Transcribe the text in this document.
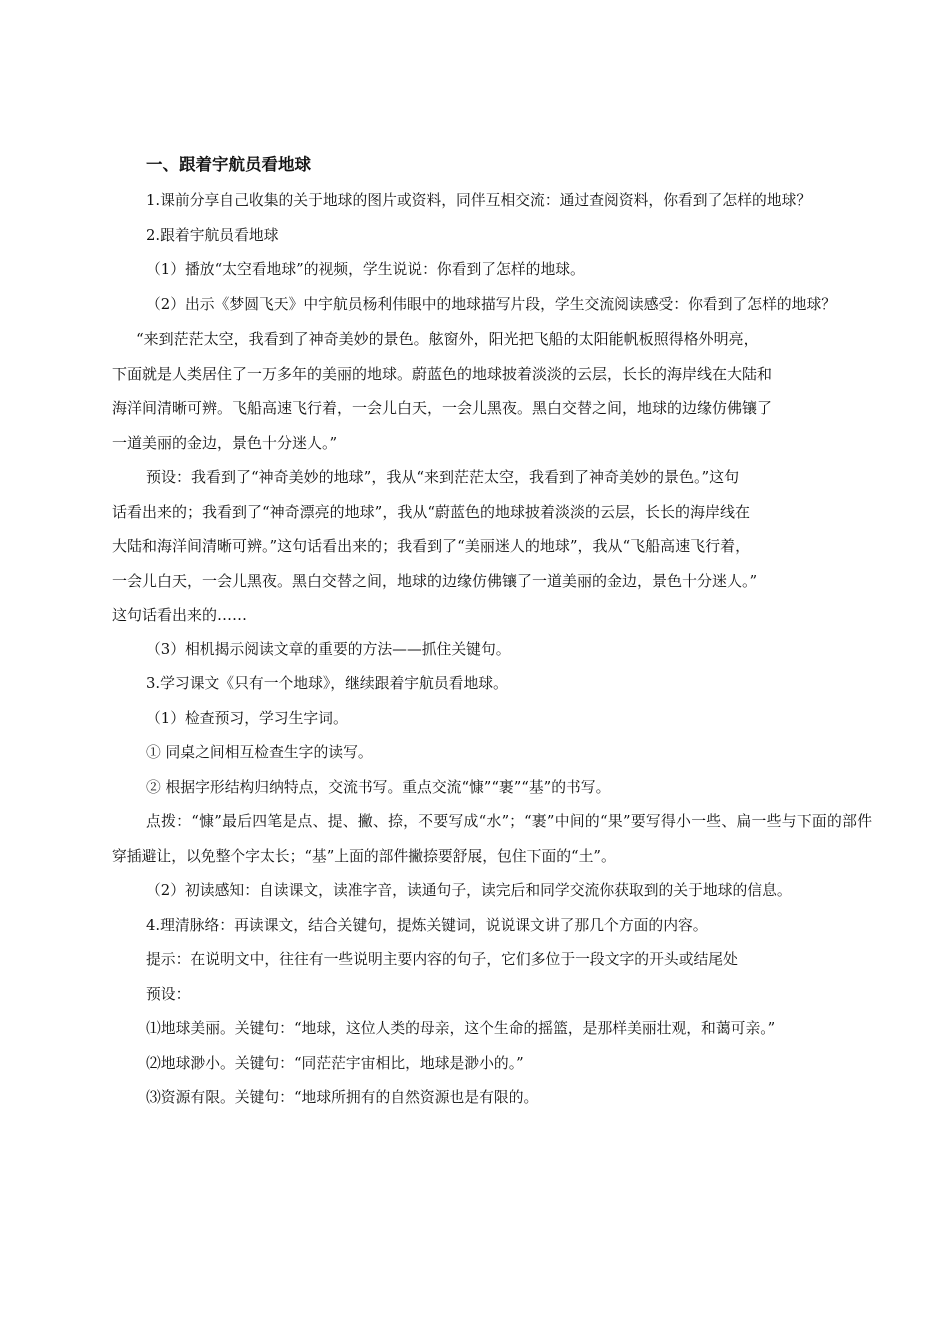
一、跟着宇航员看地球

1.课前分享自己收集的关于地球的图片或资料，同伴互相交流：通过查阅资料，你看到了怎样的地球？

2.跟着宇航员看地球

（1）播放“太空看地球”的视频，学生说说：你看到了怎样的地球。

（2）出示《梦圆飞天》中宇航员杨利伟眼中的地球描写片段，学生交流阅读感受：你看到了怎样的地球？

“来到茫茫太空，我看到了神奇美妙的景色。舷窗外，阳光把飞船的太阳能帆板照得格外明亮，

下面就是人类居住了一万多年的美丽的地球。蔚蓝色的地球披着淡淡的云层，长长的海岸线在大陆和

海洋间清晰可辨。飞船高速飞行着，一会儿白天，一会儿黑夜。黑白交替之间，地球的边缘仿佛镶了

一道美丽的金边，景色十分迷人。”

预设：我看到了“神奇美妙的地球”，我从“来到茫茫太空，我看到了神奇美妙的景色。”这句

话看出来的；我看到了“神奇漂亮的地球”，我从“蔚蓝色的地球披着淡淡的云层，长长的海岸线在

大陆和海洋间清晰可辨。”这句话看出来的；我看到了“美丽迷人的地球”，我从“飞船高速飞行着，

一会儿白天，一会儿黑夜。黑白交替之间，地球的边缘仿佛镶了一道美丽的金边，景色十分迷人。”

这句话看出来的……

（3）相机揭示阅读文章的重要的方法——抓住关键句。

3.学习课文《只有一个地球》，继续跟着宇航员看地球。

（1）检查预习，学习生字词。

① 同桌之间相互检查生字的读写。

② 根据字形结构归纳特点，交流书写。重点交流“慷”“裹”“基”的书写。

点拨：“慷”最后四笔是点、提、撇、捺，不要写成“水”；“裹”中间的“果”要写得小一些、扁一些与下面的部件穿插避让，以免整个字太长；“基”上面的部件撇捺要舒展，包住下面的“土”。

（2）初读感知：自读课文，读准字音，读通句子，读完后和同学交流你获取到的关于地球的信息。

4.理清脉络：再读课文，结合关键句，提炼关键词，说说课文讲了那几个方面的内容。

提示：在说明文中，往往有一些说明主要内容的句子，它们多位于一段文字的开头或结尾处

预设：

⑴地球美丽。关键句：“地球，这位人类的母亲，这个生命的摇篮，是那样美丽壮观，和蔼可亲。”

⑵地球渺小。关键句：“同茫茫宇宙相比，地球是渺小的。”

⑶资源有限。关键句：“地球所拥有的自然资源也是有限的。
